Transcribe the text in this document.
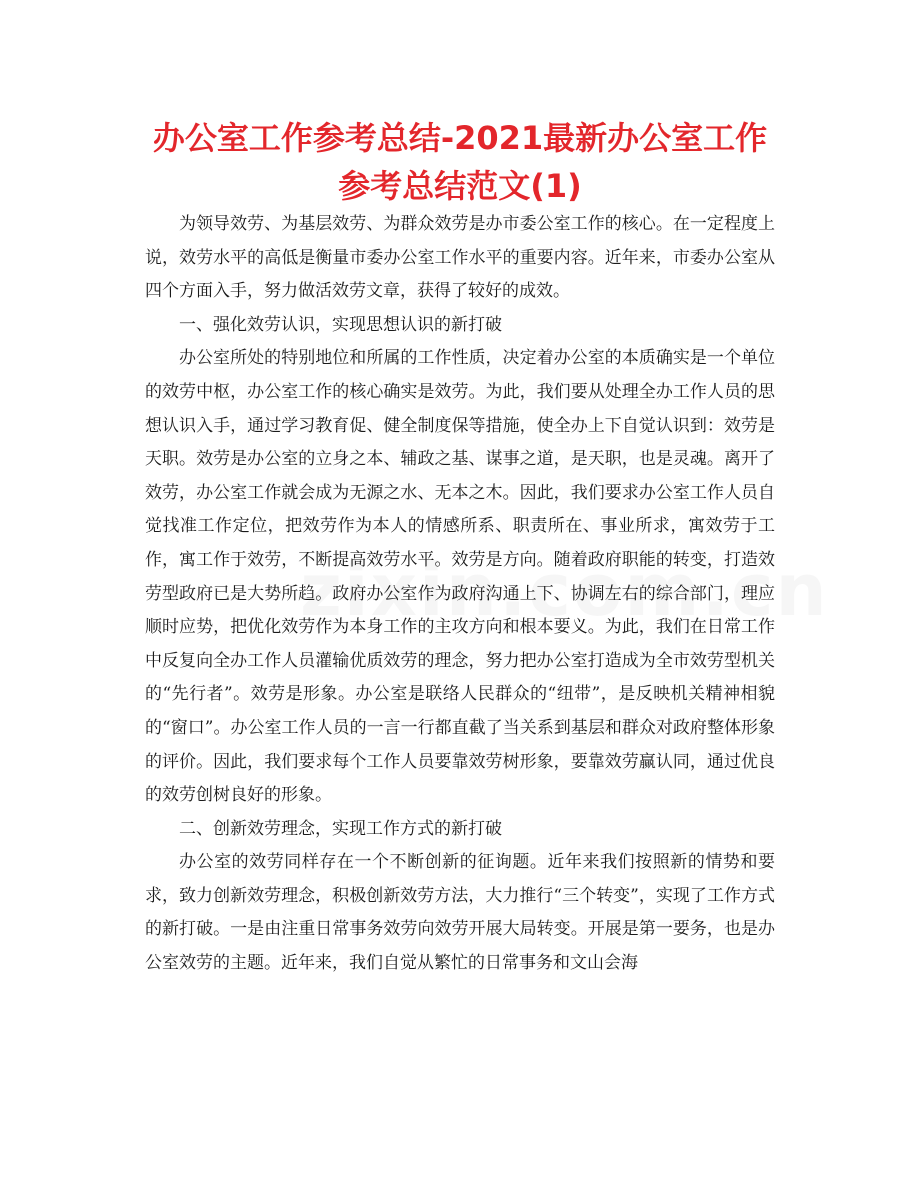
办公室工作参考总结-2021最新办公室工作参考总结范文(1)

为领导效劳、为基层效劳、为群众效劳是办市委公室工作的核心。在一定程度上说，效劳水平的高低是衡量市委办公室工作水平的重要内容。近年来，市委办公室从四个方面入手，努力做活效劳文章，获得了较好的成效。

一、强化效劳认识，实现思想认识的新打破

办公室所处的特别地位和所属的工作性质，决定着办公室的本质确实是一个单位的效劳中枢，办公室工作的核心确实是效劳。为此，我们要从处理全办工作人员的思想认识入手，通过学习教育促、健全制度保等措施，使全办上下自觉认识到：效劳是天职。效劳是办公室的立身之本、辅政之基、谋事之道，是天职，也是灵魂。离开了效劳，办公室工作就会成为无源之水、无本之木。因此，我们要求办公室工作人员自觉找准工作定位，把效劳作为本人的情感所系、职责所在、事业所求，寓效劳于工作，寓工作于效劳，不断提高效劳水平。效劳是方向。随着政府职能的转变，打造效劳型政府已是大势所趋。政府办公室作为政府沟通上下、协调左右的综合部门，理应顺时应势，把优化效劳作为本身工作的主攻方向和根本要义。为此，我们在日常工作中反复向全办工作人员灌输优质效劳的理念，努力把办公室打造成为全市效劳型机关的“先行者”。效劳是形象。办公室是联络人民群众的“纽带”，是反映机关精神相貌的“窗口”。办公室工作人员的一言一行都直截了当关系到基层和群众对政府整体形象的评价。因此，我们要求每个工作人员要靠效劳树形象，要靠效劳赢认同，通过优良的效劳创树良好的形象。

二、创新效劳理念，实现工作方式的新打破

办公室的效劳同样存在一个不断创新的征询题。近年来我们按照新的情势和要求，致力创新效劳理念，积极创新效劳方法，大力推行“三个转变”，实现了工作方式的新打破。一是由注重日常事务效劳向效劳开展大局转变。开展是第一要务，也是办公室效劳的主题。近年来，我们自觉从繁忙的日常事务和文山会海
